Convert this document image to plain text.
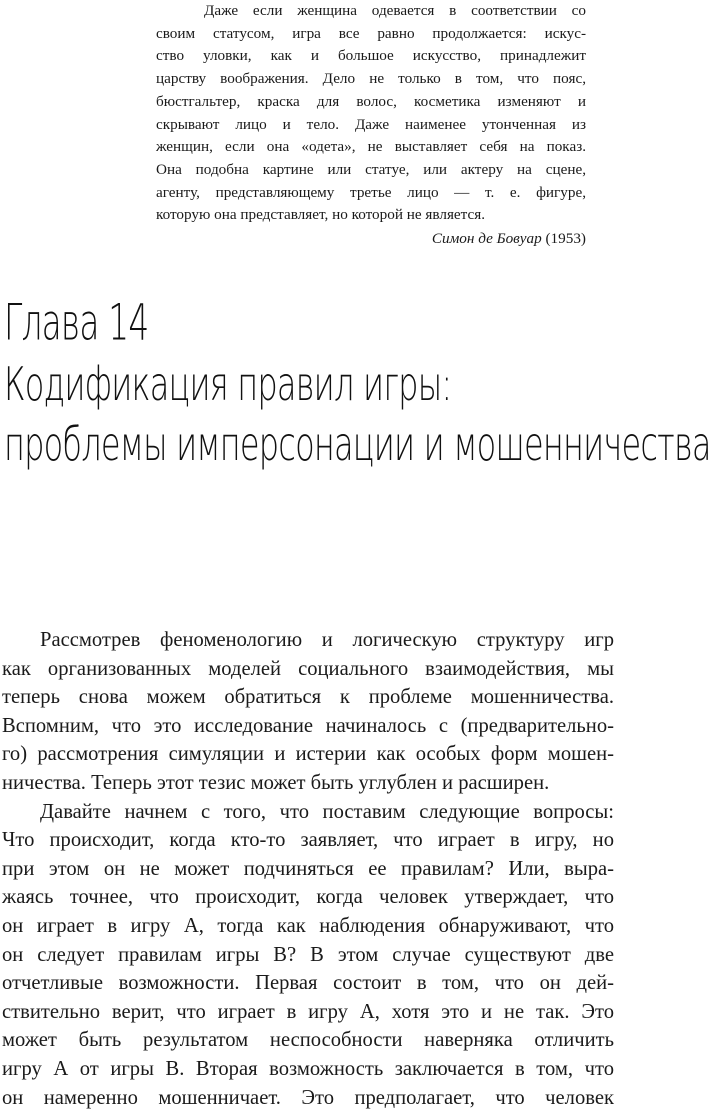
Даже если женщина одевается в соответствии со
своим статусом, игра все равно продолжается: искус-
ство уловки, как и большое искусство, принадлежит
царству воображения. Дело не только в том, что пояс,
бюстгальтер, краска для волос, косметика изменяют и
скрывают лицо и тело. Даже наименее утонченная из
женщин, если она «одета», не выставляет себя на показ.
Она подобна картине или статуе, или актеру на сцене,
агенту, представляющему третье лицо — т. е. фигуре,
которую она представляет, но которой не является.
Симон де Бовуар (1953)
Глава 14
Кодификация правил игры:
проблемы имперсонации и мошенничества
Рассмотрев феноменологию и логическую структуру игр
как организованных моделей социального взаимодействия, мы
теперь снова можем обратиться к проблеме мошенничества.
Вспомним, что это исследование начиналось с (предварительно-
го) рассмотрения симуляции и истерии как особых форм мошен-
ничества. Теперь этот тезис может быть углублен и расширен.
Давайте начнем с того, что поставим следующие вопросы:
Что происходит, когда кто-то заявляет, что играет в игру, но
при этом он не может подчиняться ее правилам? Или, выра-
жаясь точнее, что происходит, когда человек утверждает, что
он играет в игру А, тогда как наблюдения обнаруживают, что
он следует правилам игры В? В этом случае существуют две
отчетливые возможности. Первая состоит в том, что он дей-
ствительно верит, что играет в игру А, хотя это и не так. Это
может быть результатом неспособности наверняка отличить
игру А от игры В. Вторая возможность заключается в том, что
он намеренно мошенничает. Это предполагает, что человек
